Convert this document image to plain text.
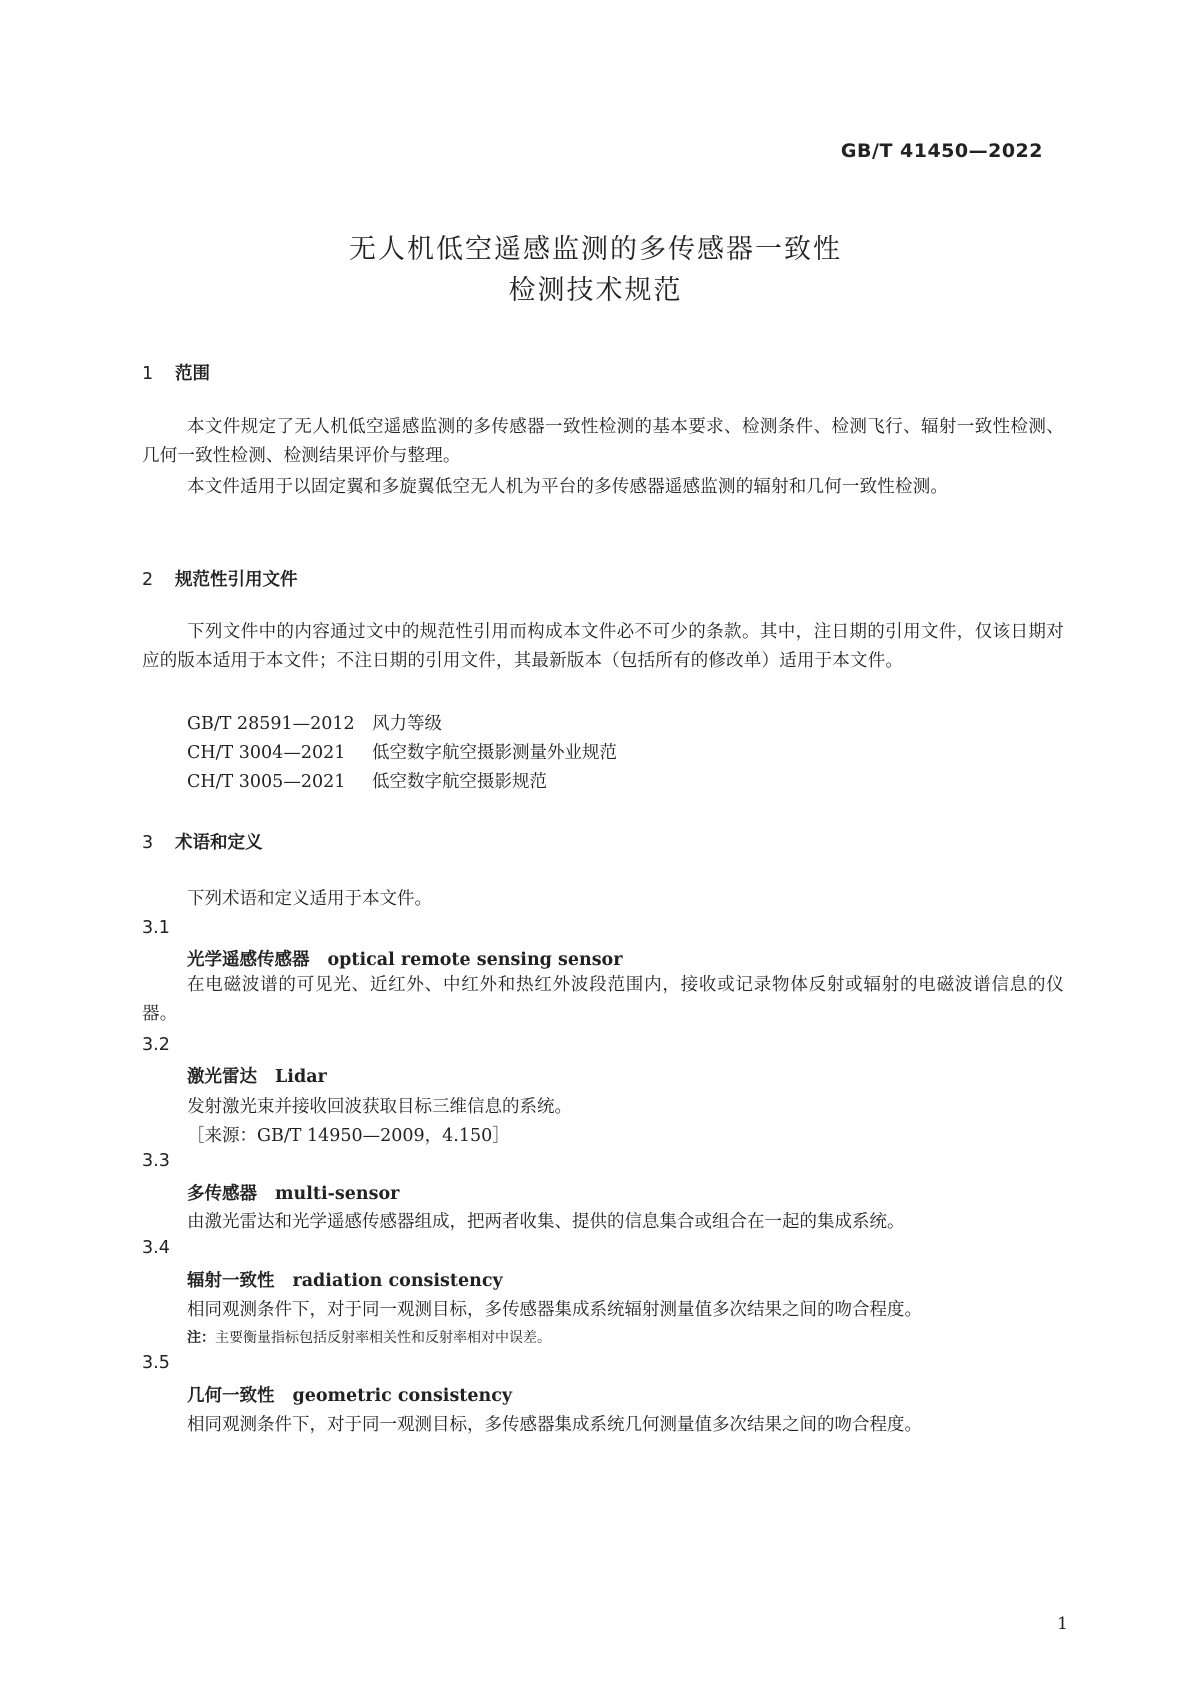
GB/T 41450—2022
无人机低空遥感监测的多传感器一致性
检测技术规范
1 范围
本文件规定了无人机低空遥感监测的多传感器一致性检测的基本要求、检测条件、检测飞行、辐射一致性检测、几何一致性检测、检测结果评价与整理。
本文件适用于以固定翼和多旋翼低空无人机为平台的多传感器遥感监测的辐射和几何一致性检测。
2 规范性引用文件
下列文件中的内容通过文中的规范性引用而构成本文件必不可少的条款。其中，注日期的引用文件，仅该日期对应的版本适用于本文件；不注日期的引用文件，其最新版本（包括所有的修改单）适用于本文件。
GB/T 28591—2012 风力等级
CH/T 3004—2021 低空数字航空摄影测量外业规范
CH/T 3005—2021 低空数字航空摄影规范
3 术语和定义
下列术语和定义适用于本文件。
3.1
光学遥感传感器 optical remote sensing sensor
在电磁波谱的可见光、近红外、中红外和热红外波段范围内，接收或记录物体反射或辐射的电磁波谱信息的仪器。
3.2
激光雷达 Lidar
发射激光束并接收回波获取目标三维信息的系统。
［来源：GB/T 14950—2009，4.150］
3.3
多传感器 multi-sensor
由激光雷达和光学遥感传感器组成，把两者收集、提供的信息集合或组合在一起的集成系统。
3.4
辐射一致性 radiation consistency
相同观测条件下，对于同一观测目标，多传感器集成系统辐射测量值多次结果之间的吻合程度。
注：主要衡量指标包括反射率相关性和反射率相对中误差。
3.5
几何一致性 geometric consistency
相同观测条件下，对于同一观测目标，多传感器集成系统几何测量值多次结果之间的吻合程度。
1
